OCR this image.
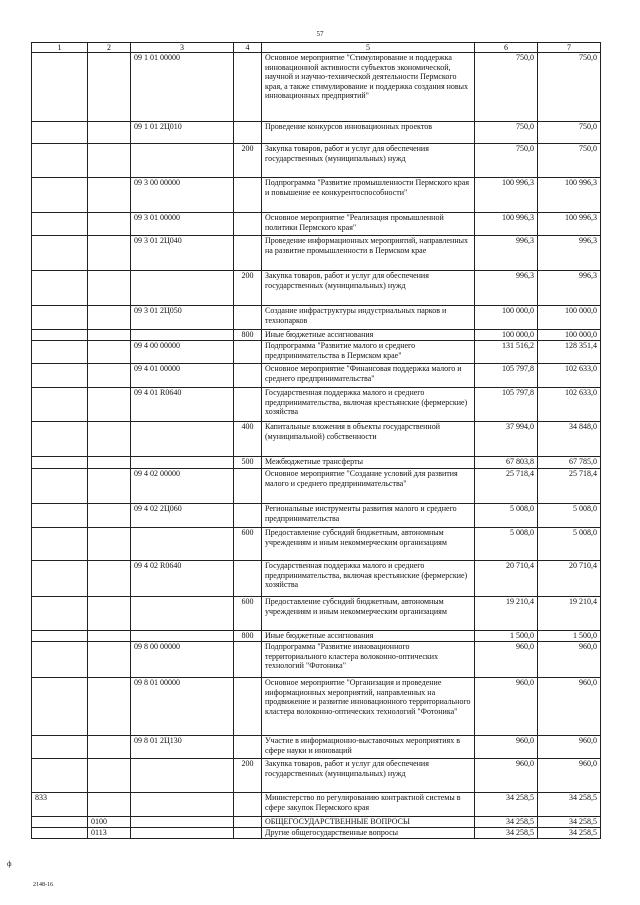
57
1	2	3	4	5	6	7
		09 1 01 00000		Основное мероприятие "Стимулирование и поддержка инновационной активности субъектов экономической, научной и научно-технической деятельности Пермского края, а также стимулирование и поддержка создания новых инновационных предприятий"	750,0	750,0
		09 1 01 2Ц010		Проведение конкурсов инновационных проектов	750,0	750,0
			200	Закупка товаров, работ и услуг для обеспечения государственных (муниципальных) нужд	750,0	750,0
		09 3 00 00000		Подпрограмма "Развитие промышленности Пермского края и повышение ее конкурентоспособности"	100 996,3	100 996,3
		09 3 01 00000		Основное мероприятие "Реализация промышленной политики Пермского края"	100 996,3	100 996,3
		09 3 01 2Ц040		Проведение информационных мероприятий, направленных на развитие промышленности в Пермском крае	996,3	996,3
			200	Закупка товаров, работ и услуг для обеспечения государственных (муниципальных) нужд	996,3	996,3
		09 3 01 2Ц050		Создание инфраструктуры индустриальных парков и технопарков	100 000,0	100 000,0
			800	Иные бюджетные ассигнования	100 000,0	100 000,0
		09 4 00 00000		Подпрограмма "Развитие малого и среднего предпринимательства в Пермском крае"	131 516,2	128 351,4
		09 4 01 00000		Основное мероприятие "Финансовая поддержка малого и среднего предпринимательства"	105 797,8	102 633,0
		09 4 01 R0640		Государственная поддержка малого и среднего предпринимательства, включая крестьянские (фермерские) хозяйства	105 797,8	102 633,0
			400	Капитальные вложения в объекты государственной (муниципальной) собственности	37 994,0	34 848,0
			500	Межбюджетные трансферты	67 803,8	67 785,0
		09 4 02 00000		Основное мероприятие "Создание условий для развития малого и среднего предпринимательства"	25 718,4	25 718,4
		09 4 02 2Ц060		Региональные инструменты развития малого и среднего предпринимательства	5 008,0	5 008,0
			600	Предоставление субсидий бюджетным, автономным учреждениям и иным некоммерческим организациям	5 008,0	5 008,0
		09 4 02 R0640		Государственная поддержка малого и среднего предпринимательства, включая крестьянские (фермерские) хозяйства	20 710,4	20 710,4
			600	Предоставление субсидий бюджетным, автономным учреждениям и иным некоммерческим организациям	19 210,4	19 210,4
			800	Иные бюджетные ассигнования	1 500,0	1 500,0
		09 8 00 00000		Подпрограмма "Развитие инновационного территориального кластера волоконно-оптических технологий "Фотоника"	960,0	960,0
		09 8 01 00000		Основное мероприятие "Организация и проведение информационных мероприятий, направленных на продвижение и развитие инновационного территориального кластера волоконно-оптических технологий "Фотоника"	960,0	960,0
		09 8 01 2Ц130		Участие в информационно-выставочных мероприятиях в сфере науки и инноваций	960,0	960,0
			200	Закупка товаров, работ и услуг для обеспечения государственных (муниципальных) нужд	960,0	960,0
833				Министерство по регулированию контрактной системы в сфере закупок Пермского края	34 258,5	34 258,5
	0100			ОБЩЕГОСУДАРСТВЕННЫЕ ВОПРОСЫ	34 258,5	34 258,5
	0113			Другие общегосударственные вопросы	34 258,5	34 258,5
ф
2148-16
